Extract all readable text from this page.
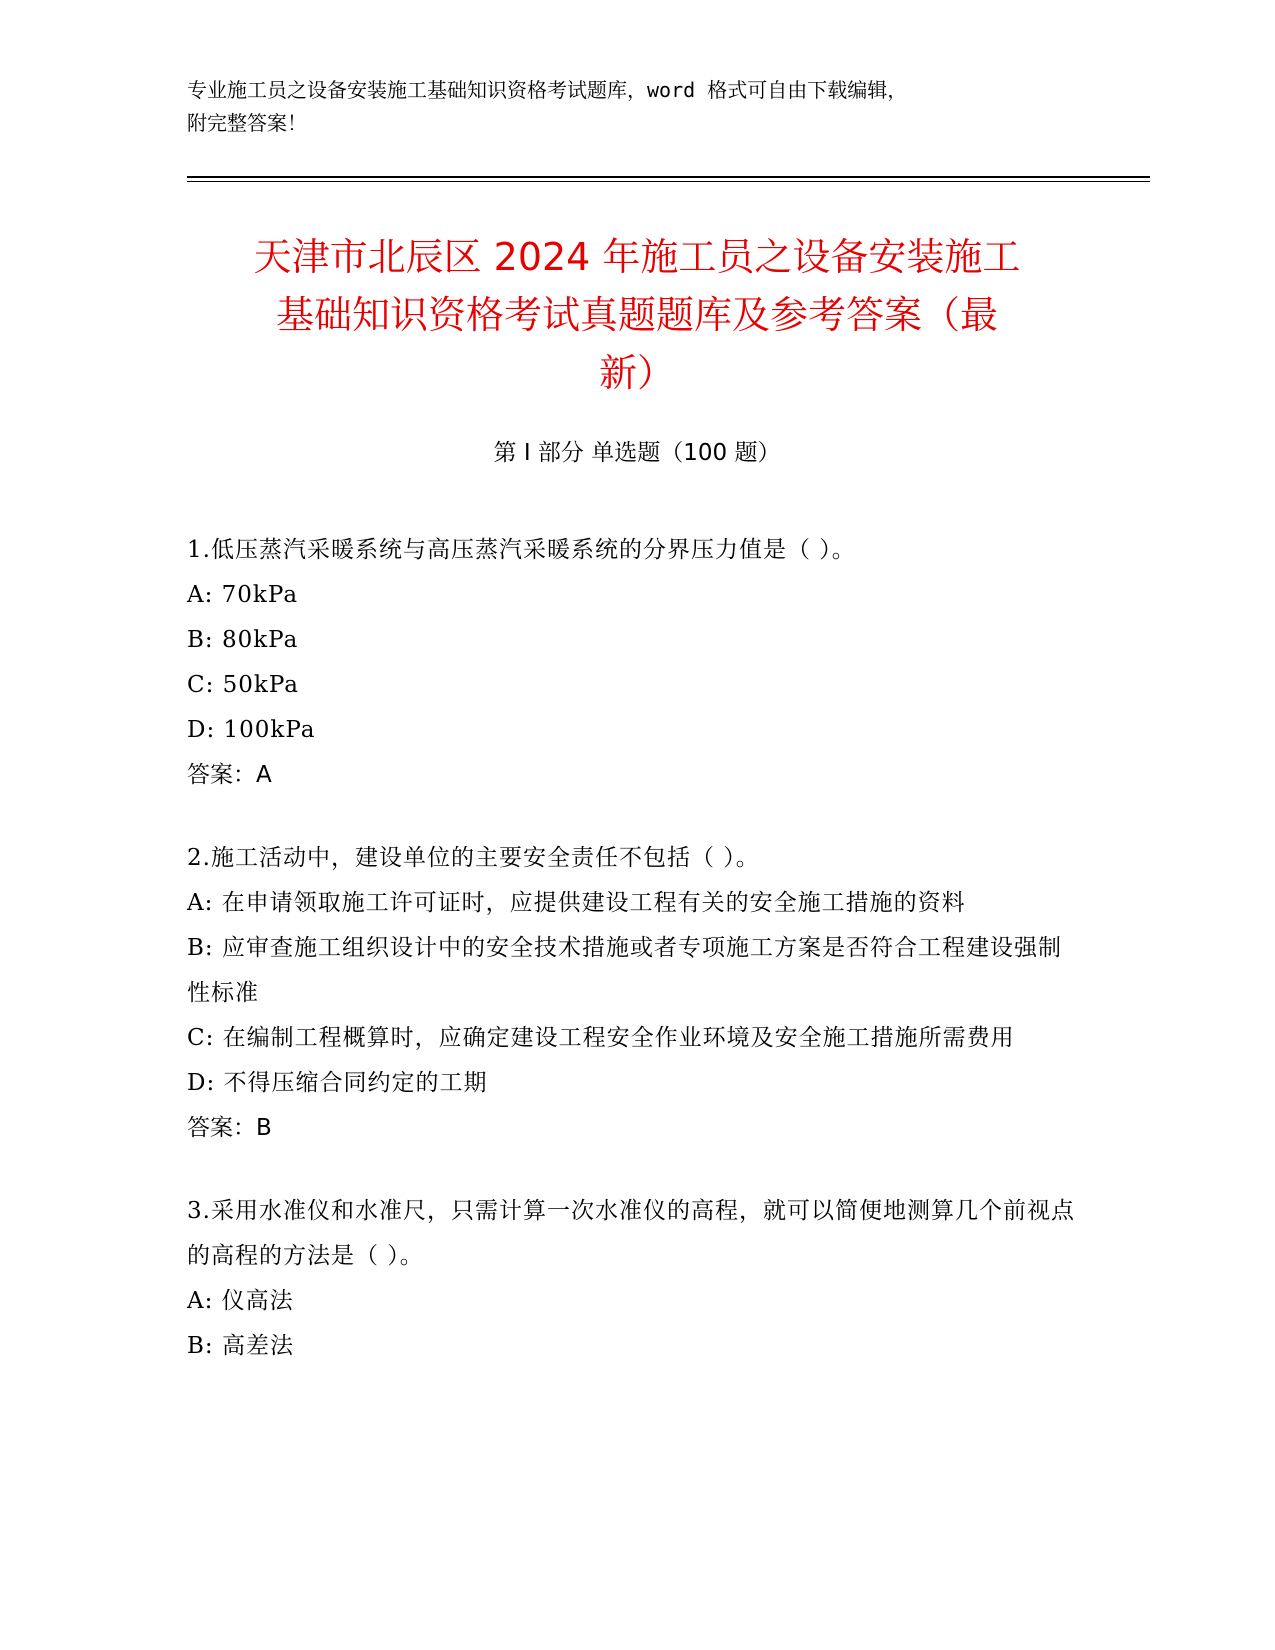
专业施工员之设备安装施工基础知识资格考试题库，word 格式可自由下载编辑，
附完整答案！
天津市北辰区 2024 年施工员之设备安装施工
基础知识资格考试真题题库及参考答案（最
新）
第 I 部分 单选题（100 题）
1.低压蒸汽采暖系统与高压蒸汽采暖系统的分界压力值是（ ）。
A: 70kPa
B: 80kPa
C: 50kPa
D: 100kPa
答案：A
2.施工活动中，建设单位的主要安全责任不包括（ ）。
A: 在申请领取施工许可证时，应提供建设工程有关的安全施工措施的资料
B: 应审查施工组织设计中的安全技术措施或者专项施工方案是否符合工程建设强制性标准
C: 在编制工程概算时，应确定建设工程安全作业环境及安全施工措施所需费用
D: 不得压缩合同约定的工期
答案：B
3.采用水准仪和水准尺，只需计算一次水准仪的高程，就可以简便地测算几个前视点的高程的方法是（ ）。
A: 仪高法
B: 高差法
